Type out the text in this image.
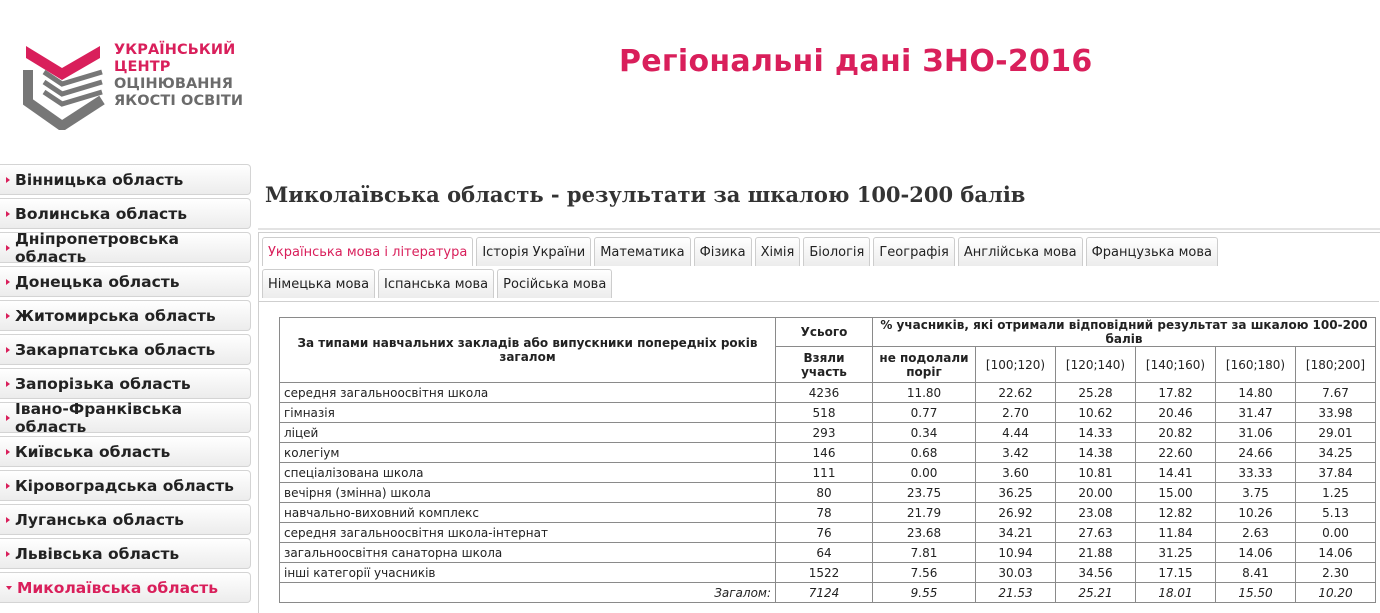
УКРАЇНСЬКИЙ
ЦЕНТР
ОЦІНЮВАННЯ
ЯКОСТІ ОСВІТИ
Регіональні дані ЗНО-2016
Вінницька область
Волинська область
Дніпропетровська область
Донецька область
Житомирська область
Закарпатська область
Запорізька область
Івано-Франківська область
Київська область
Кіровоградська область
Луганська область
Львівська область
Миколаївська область
Миколаївська область - результати за шкалою 100-200 балів
Українська мова і література	Історія України	Математика	Фізика	Хімія	Біологія	Географія	Англійська мова	Французька мова
Німецька мова	Іспанська мова	Російська мова
За типами навчальних закладів або випускники попередніх років загалом	Усього	% учасників, які отримали відповідний результат за шкалою 100-200 балів					
	Взяли участь	не подолали поріг	[100;120)	[120;140)	[140;160)	[160;180)	[180;200]
середня загальноосвітня школа	4236	11.80	22.62	25.28	17.82	14.80	7.67
гімназія	518	0.77	2.70	10.62	20.46	31.47	33.98
ліцей	293	0.34	4.44	14.33	20.82	31.06	29.01
колегіум	146	0.68	3.42	14.38	22.60	24.66	34.25
спеціалізована школа	111	0.00	3.60	10.81	14.41	33.33	37.84
вечірня (змінна) школа	80	23.75	36.25	20.00	15.00	3.75	1.25
навчально-виховний комплекс	78	21.79	26.92	23.08	12.82	10.26	5.13
середня загальноосвітня школа-інтернат	76	23.68	34.21	27.63	11.84	2.63	0.00
загальноосвітня санаторна школа	64	7.81	10.94	21.88	31.25	14.06	14.06
інші категорії учасників	1522	7.56	30.03	34.56	17.15	8.41	2.30
Загалом:	7124	9.55	21.53	25.21	18.01	15.50	10.20
